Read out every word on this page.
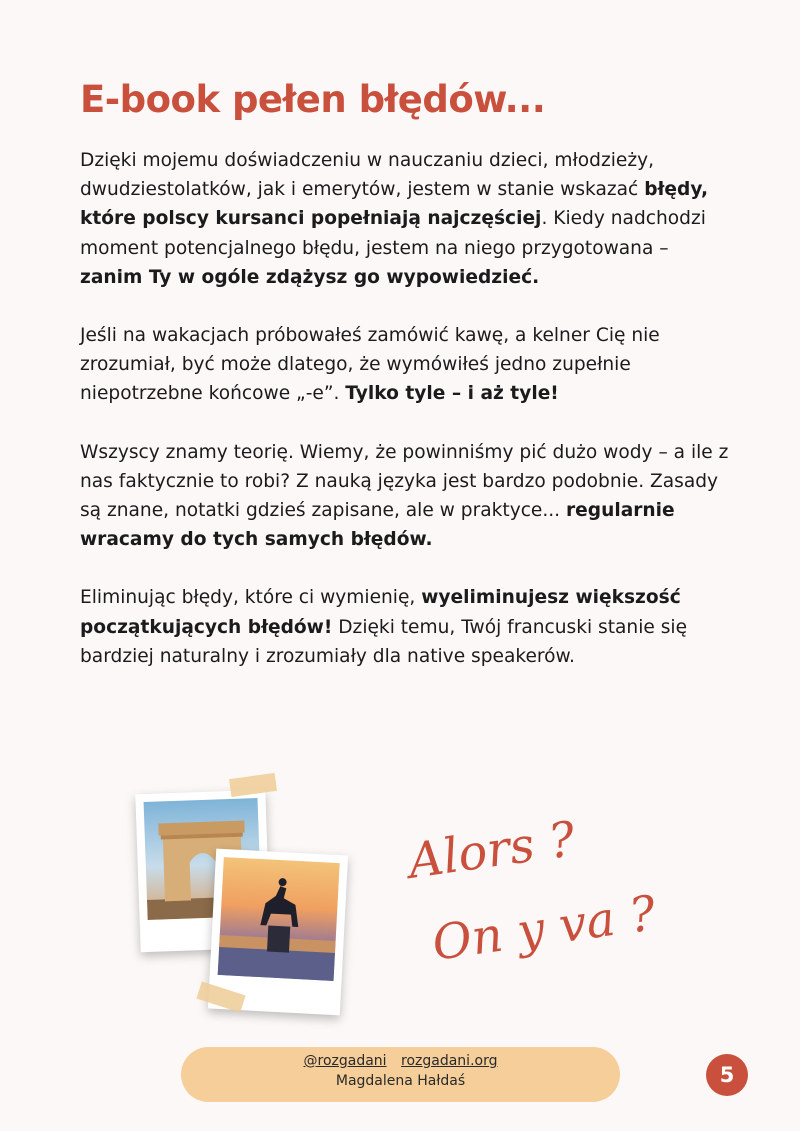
E-book pełen błędów...

Dzięki mojemu doświadczeniu w nauczaniu dzieci, młodzieży, dwudziestolatków, jak i emerytów, jestem w stanie wskazać błędy, które polscy kursanci popełniają najczęściej. Kiedy nadchodzi moment potencjalnego błędu, jestem na niego przygotowana – zanim Ty w ogóle zdążysz go wypowiedzieć.

Jeśli na wakacjach próbowałeś zamówić kawę, a kelner Cię nie zrozumiał, być może dlatego, że wymówiłeś jedno zupełnie niepotrzebne końcowe „-e”. Tylko tyle – i aż tyle!

Wszyscy znamy teorię. Wiemy, że powinniśmy pić dużo wody – a ile z nas faktycznie to robi? Z nauką języka jest bardzo podobnie. Zasady są znane, notatki gdzieś zapisane, ale w praktyce... regularnie wracamy do tych samych błędów.

Eliminując błędy, które ci wymienię, wyeliminujesz większość początkujących błędów! Dzięki temu, Twój francuski stanie się bardziej naturalny i zrozumiały dla native speakerów.

Alors ?
On y va ?
@rozgadani rozgadani.org
Magdalena Hałdaś	5
